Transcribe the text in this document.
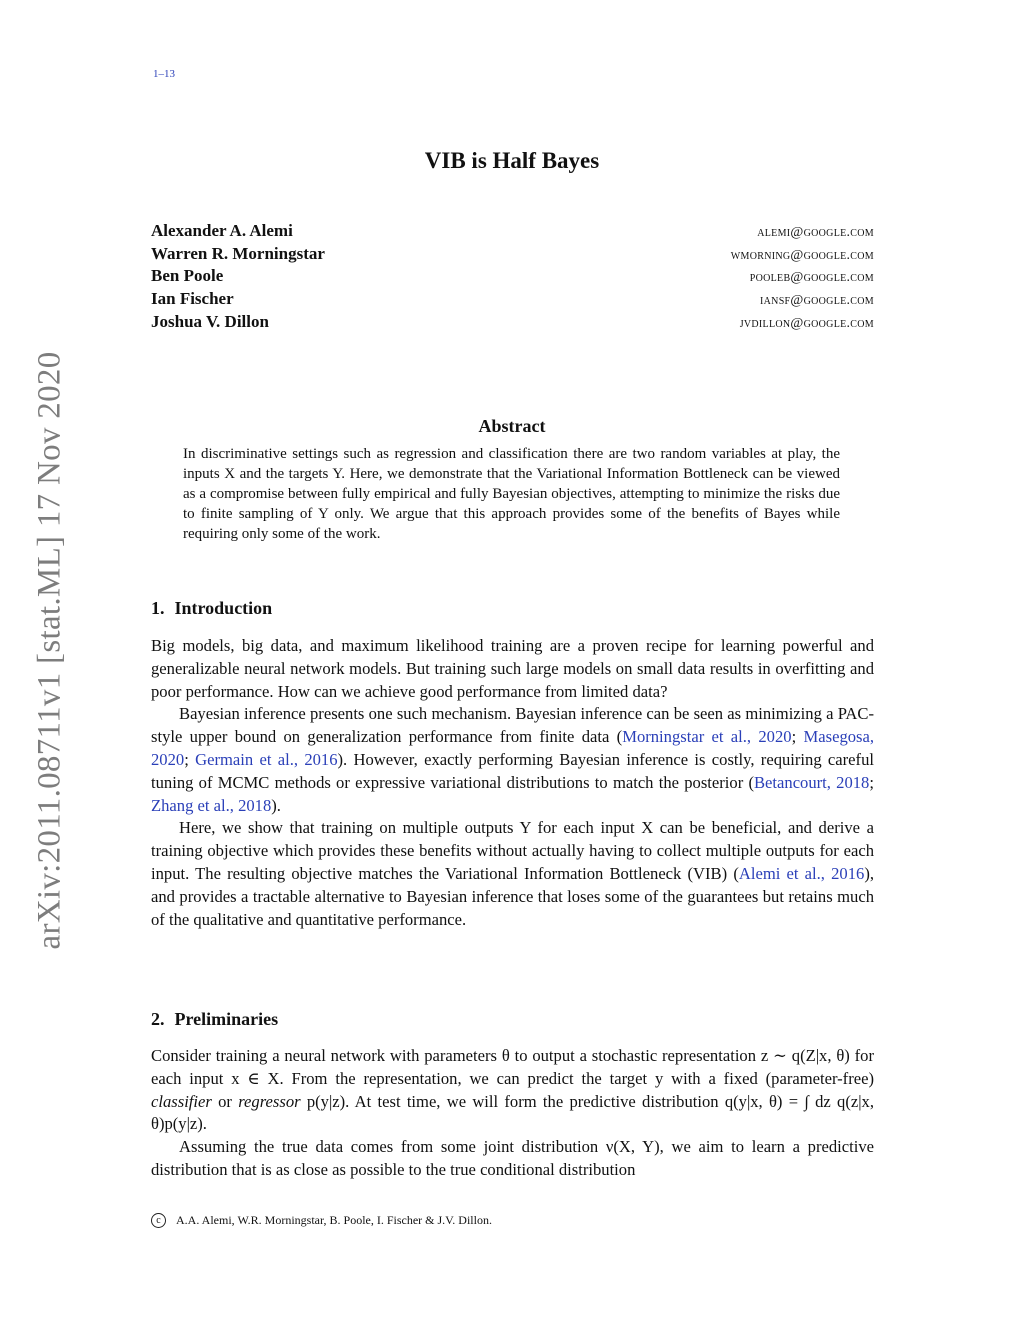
1–13
arXiv:2011.08711v1 [stat.ML] 17 Nov 2020
VIB is Half Bayes
Alexander A. Alemi	alemi@google.com
Warren R. Morningstar	wmorning@google.com
Ben Poole	pooleb@google.com
Ian Fischer	iansf@google.com
Joshua V. Dillon	jvdillon@google.com
Abstract
In discriminative settings such as regression and classification there are two random variables at play, the inputs X and the targets Y. Here, we demonstrate that the Variational Information Bottleneck can be viewed as a compromise between fully empirical and fully Bayesian objectives, attempting to minimize the risks due to finite sampling of Y only. We argue that this approach provides some of the benefits of Bayes while requiring only some of the work.
1. Introduction

Big models, big data, and maximum likelihood training are a proven recipe for learning powerful and generalizable neural network models. But training such large models on small data results in overfitting and poor performance. How can we achieve good performance from limited data?

Bayesian inference presents one such mechanism. Bayesian inference can be seen as minimizing a PAC-style upper bound on generalization performance from finite data (Morningstar et al., 2020; Masegosa, 2020; Germain et al., 2016). However, exactly performing Bayesian inference is costly, requiring careful tuning of MCMC methods or expressive variational distributions to match the posterior (Betancourt, 2018; Zhang et al., 2018).

Here, we show that training on multiple outputs Y for each input X can be beneficial, and derive a training objective which provides these benefits without actually having to collect multiple outputs for each input. The resulting objective matches the Variational Information Bottleneck (VIB) (Alemi et al., 2016), and provides a tractable alternative to Bayesian inference that loses some of the guarantees but retains much of the qualitative and quantitative performance.

2. Preliminaries

Consider training a neural network with parameters θ to output a stochastic representation z ∼ q(Z|x, θ) for each input x ∈ X. From the representation, we can predict the target y with a fixed (parameter-free) classifier or regressor p(y|z). At test time, we will form the predictive distribution q(y|x, θ) = ∫ dz q(z|x, θ)p(y|z).

Assuming the true data comes from some joint distribution ν(X, Y), we aim to learn a predictive distribution that is as close as possible to the true conditional distribution

c	A.A. Alemi, W.R. Morningstar, B. Poole, I. Fischer & J.V. Dillon.
